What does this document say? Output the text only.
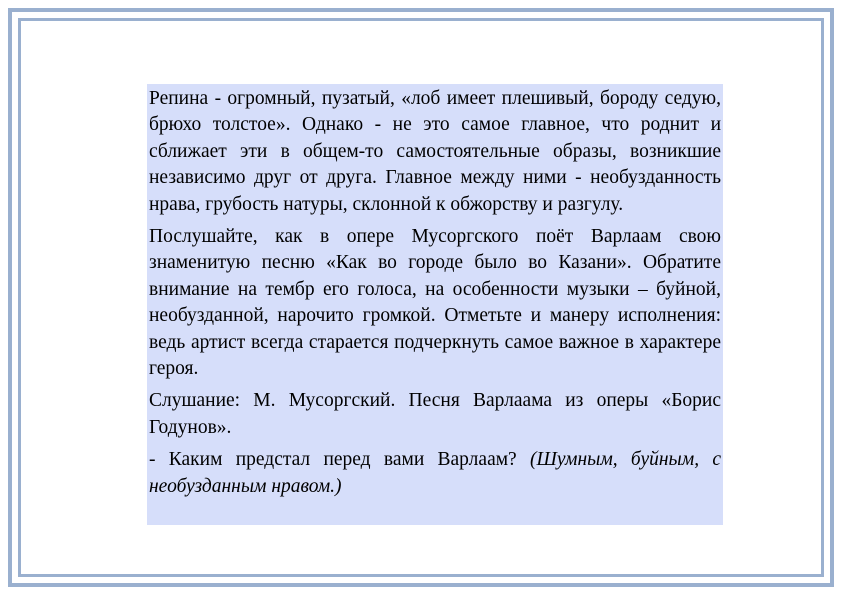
Репина - огромный, пузатый, «лоб имеет плешивый, бороду седую, брюхо толстое». Однако - не это самое главное, что роднит и сближает эти в общем-то самостоятельные образы, возникшие независимо друг от друга. Главное между ними - необузданность нрава, грубость натуры, склонной к обжорству и разгулу.

Послушайте, как в опере Мусоргского поёт Варлаам свою знаменитую песню «Как во городе было во Казани». Обратите внимание на тембр его голоса, на особенности музыки – буйной, необузданной, нарочито громкой. Отметьте и манеру исполнения: ведь артист всегда старается подчеркнуть самое важное в характере героя.

Слушание: М. Мусоргский. Песня Варлаама из оперы «Борис Годунов».

- Каким предстал перед вами Варлаам? (Шумным, буйным, с необузданным нравом.)
